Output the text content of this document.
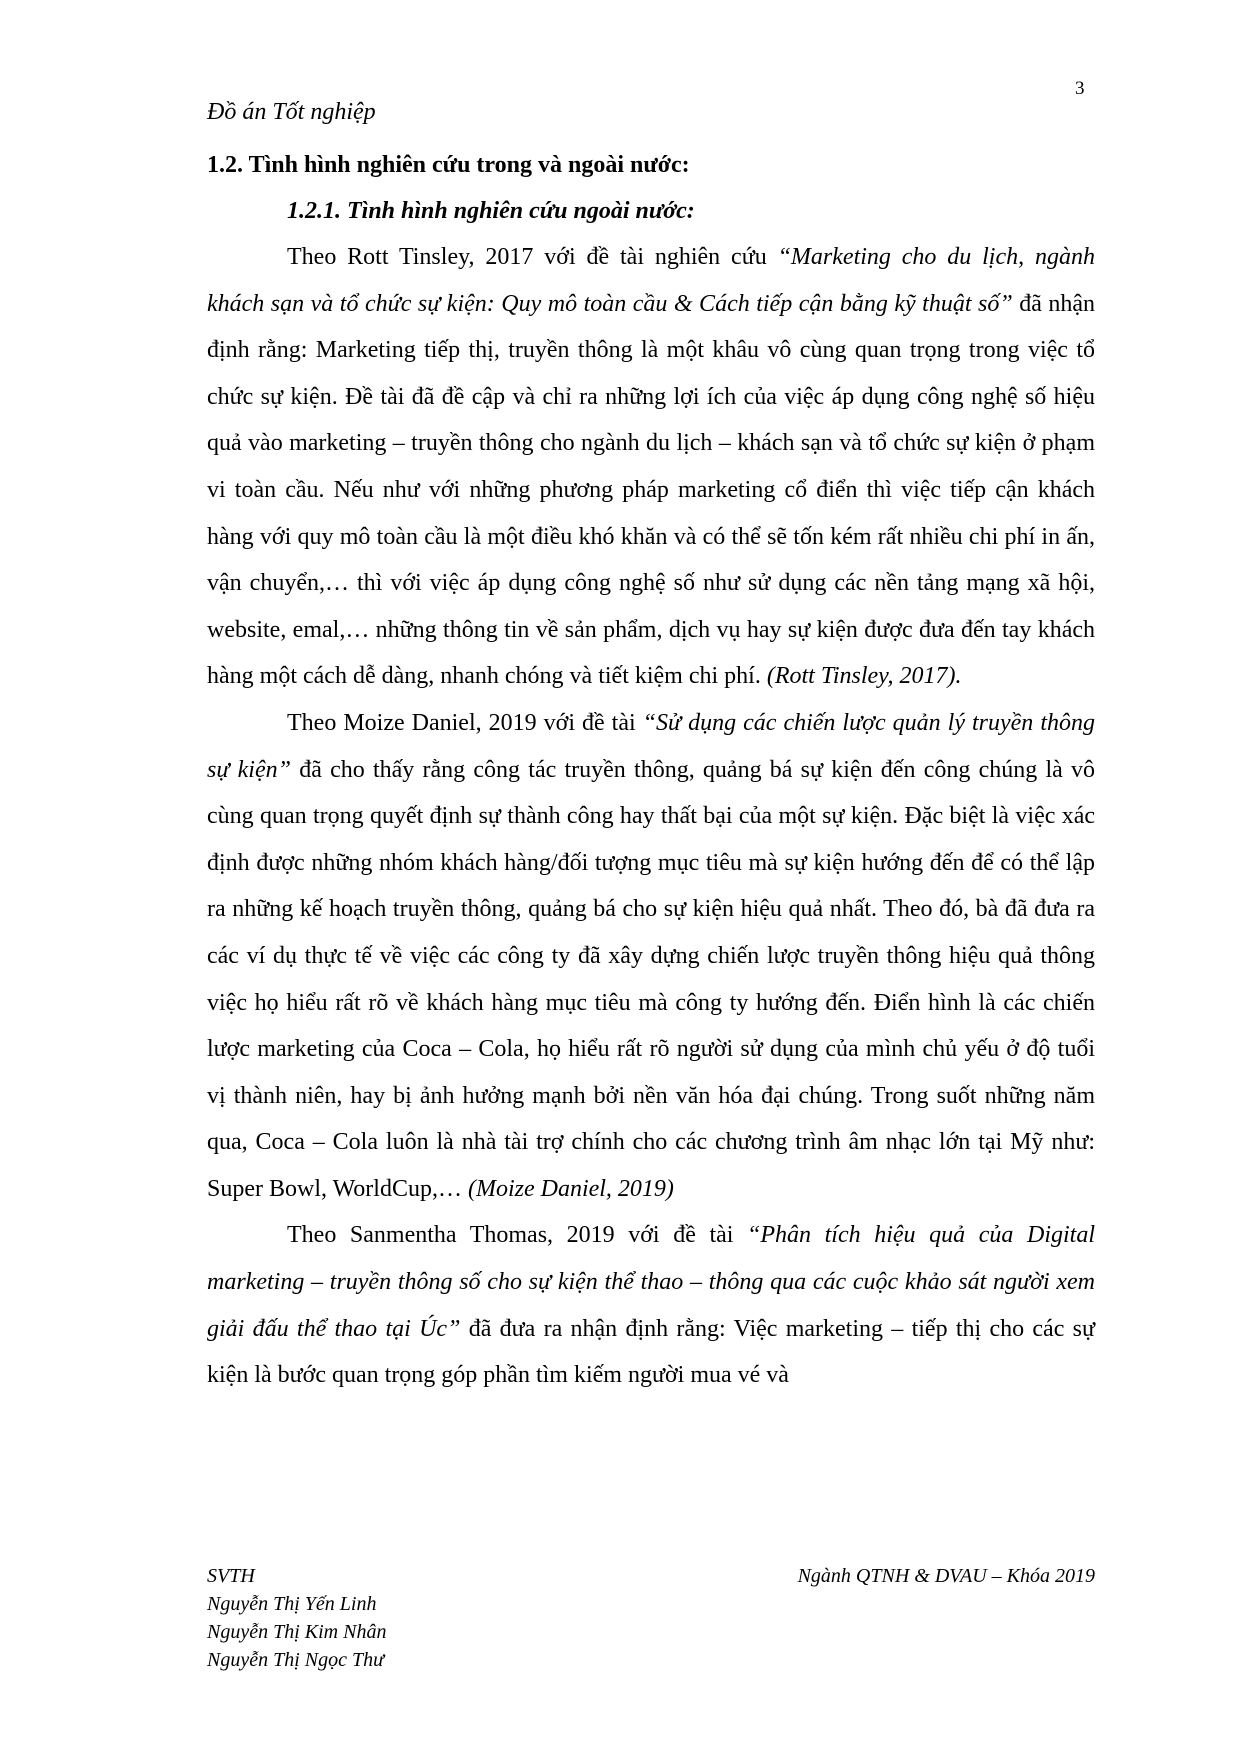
3
Đồ án Tốt nghiệp
1.2. Tình hình nghiên cứu trong và ngoài nước:
1.2.1. Tình hình nghiên cứu ngoài nước:

Theo Rott Tinsley, 2017 với đề tài nghiên cứu “Marketing cho du lịch, ngành khách sạn và tổ chức sự kiện: Quy mô toàn cầu & Cách tiếp cận bằng kỹ thuật số” đã nhận định rằng: Marketing tiếp thị, truyền thông là một khâu vô cùng quan trọng trong việc tổ chức sự kiện. Đề tài đã đề cập và chỉ ra những lợi ích của việc áp dụng công nghệ số hiệu quả vào marketing – truyền thông cho ngành du lịch – khách sạn và tổ chức sự kiện ở phạm vi toàn cầu. Nếu như với những phương pháp marketing cổ điển thì việc tiếp cận khách hàng với quy mô toàn cầu là một điều khó khăn và có thể sẽ tốn kém rất nhiều chi phí in ấn, vận chuyển,… thì với việc áp dụng công nghệ số như sử dụng các nền tảng mạng xã hội, website, emal,… những thông tin về sản phẩm, dịch vụ hay sự kiện được đưa đến tay khách hàng một cách dễ dàng, nhanh chóng và tiết kiệm chi phí. (Rott Tinsley, 2017).

Theo Moize Daniel, 2019 với đề tài “Sử dụng các chiến lược quản lý truyền thông sự kiện” đã cho thấy rằng công tác truyền thông, quảng bá sự kiện đến công chúng là vô cùng quan trọng quyết định sự thành công hay thất bại của một sự kiện. Đặc biệt là việc xác định được những nhóm khách hàng/đối tượng mục tiêu mà sự kiện hướng đến để có thể lập ra những kế hoạch truyền thông, quảng bá cho sự kiện hiệu quả nhất. Theo đó, bà đã đưa ra các ví dụ thực tế về việc các công ty đã xây dựng chiến lược truyền thông hiệu quả thông việc họ hiểu rất rõ về khách hàng mục tiêu mà công ty hướng đến. Điển hình là các chiến lược marketing của Coca – Cola, họ hiểu rất rõ người sử dụng của mình chủ yếu ở độ tuổi vị thành niên, hay bị ảnh hưởng mạnh bởi nền văn hóa đại chúng. Trong suốt những năm qua, Coca – Cola luôn là nhà tài trợ chính cho các chương trình âm nhạc lớn tại Mỹ như: Super Bowl, WorldCup,… (Moize Daniel, 2019)

Theo Sanmentha Thomas, 2019 với đề tài “Phân tích hiệu quả của Digital marketing – truyền thông số cho sự kiện thể thao – thông qua các cuộc khảo sát người xem giải đấu thể thao tại Úc” đã đưa ra nhận định rằng: Việc marketing – tiếp thị cho các sự kiện là bước quan trọng góp phần tìm kiếm người mua vé và

SVTH
Nguyễn Thị Yến Linh
Nguyễn Thị Kim Nhân
Nguyễn Thị Ngọc Thư
Ngành QTNH & DVAU – Khóa 2019
